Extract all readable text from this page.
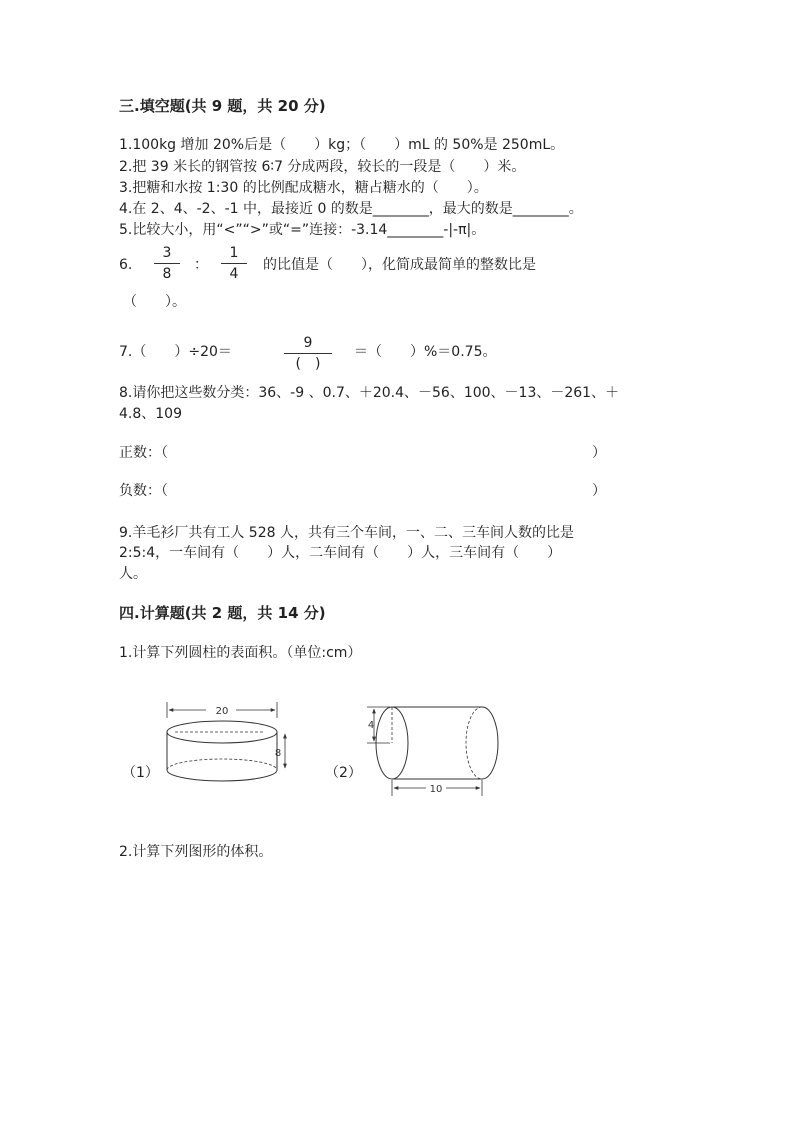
三.填空题(共 9 题，共 20 分)
1.100kg 增加 20%后是（　　）kg；（　　）mL 的 50%是 250mL。
2.把 39 米长的钢管按 6∶7 分成两段，较长的一段是（　　）米。
3.把糖和水按 1:30 的比例配成糖水，糖占糖水的（　　）。
4.在 2、4、-2、-1 中，最接近 0 的数是________，最大的数是________。
5.比较大小，用“<”“>”或“=”连接：-3.14________-|-π|。
6.
3
8
：
1
4
的比值是（　　），化简成最简单的整数比是
（　　）。
7.（　　）÷20＝
9
(　)
＝（　　）%＝0.75。
8.请你把这些数分类：36、-9 、0.7、＋20.4、－56、100、－13、－261、＋
4.8、109
正数：（	）
负数：（	）
9.羊毛衫厂共有工人 528 人，共有三个车间，一、二、三车间人数的比是
2:5:4，一车间有（　　）人，二车间有（　　）人，三车间有（　　）
人。
四.计算题(共 2 题，共 14 分)
1.计算下列圆柱的表面积。（单位:cm）
（1）
20
8
（2）
4
10
2.计算下列图形的体积。
